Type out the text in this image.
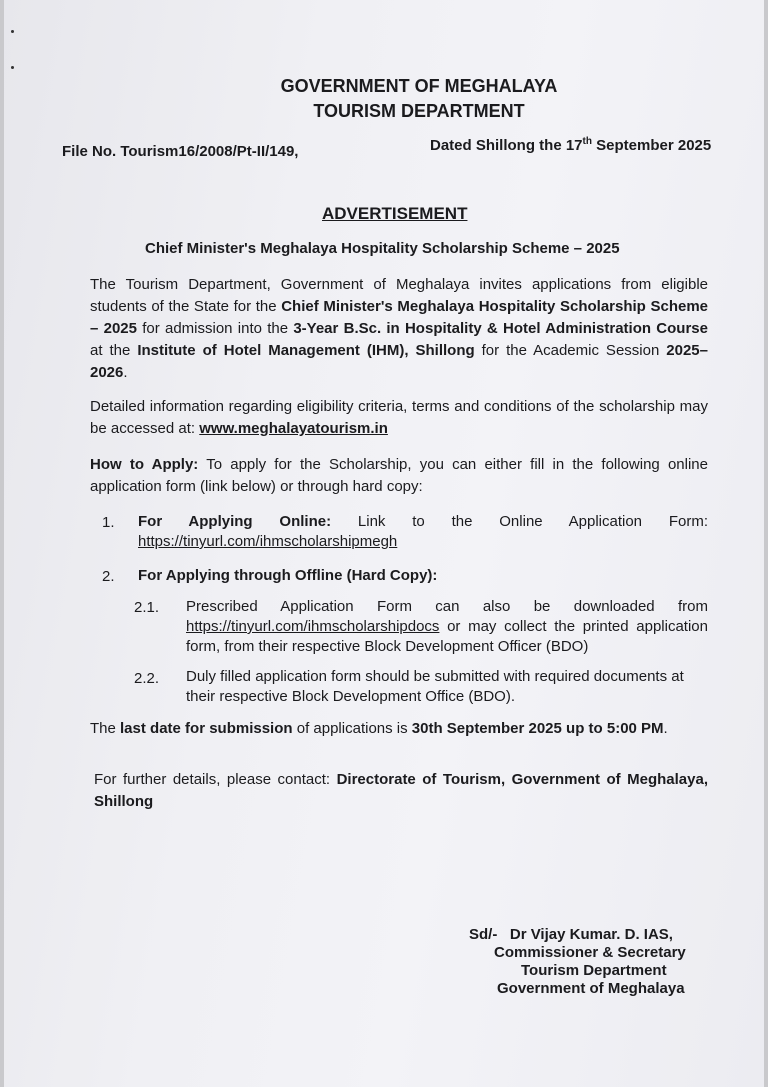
GOVERNMENT OF MEGHALAYA
TOURISM DEPARTMENT
File No. Tourism16/2008/Pt-II/149,	Dated Shillong the 17th September 2025
ADVERTISEMENT
Chief Minister's Meghalaya Hospitality Scholarship Scheme – 2025

The Tourism Department, Government of Meghalaya invites applications from eligible students of the State for the Chief Minister's Meghalaya Hospitality Scholarship Scheme – 2025 for admission into the 3-Year B.Sc. in Hospitality & Hotel Administration Course at the Institute of Hotel Management (IHM), Shillong for the Academic Session 2025–2026.

Detailed information regarding eligibility criteria, terms and conditions of the scholarship may be accessed at: www.meghalayatourism.in

How to Apply: To apply for the Scholarship, you can either fill in the following online application form (link below) or through hard copy:

1. For Applying Online: Link to the Online Application Form:
https://tinyurl.com/ihmscholarshipmegh
2. For Applying through Offline (Hard Copy):
2.1. Prescribed Application Form can also be downloaded from https://tinyurl.com/ihmscholarshipdocs or may collect the printed application form, from their respective Block Development Officer (BDO)

2.2. Duly filled application form should be submitted with required documents at their respective Block Development Office (BDO).

The last date for submission of applications is 30th September 2025 up to 5:00 PM.

For further details, please contact: Directorate of Tourism, Government of Meghalaya, Shillong

Sd/- Dr Vijay Kumar. D. IAS,
Commissioner & Secretary
Tourism Department
Government of Meghalaya
